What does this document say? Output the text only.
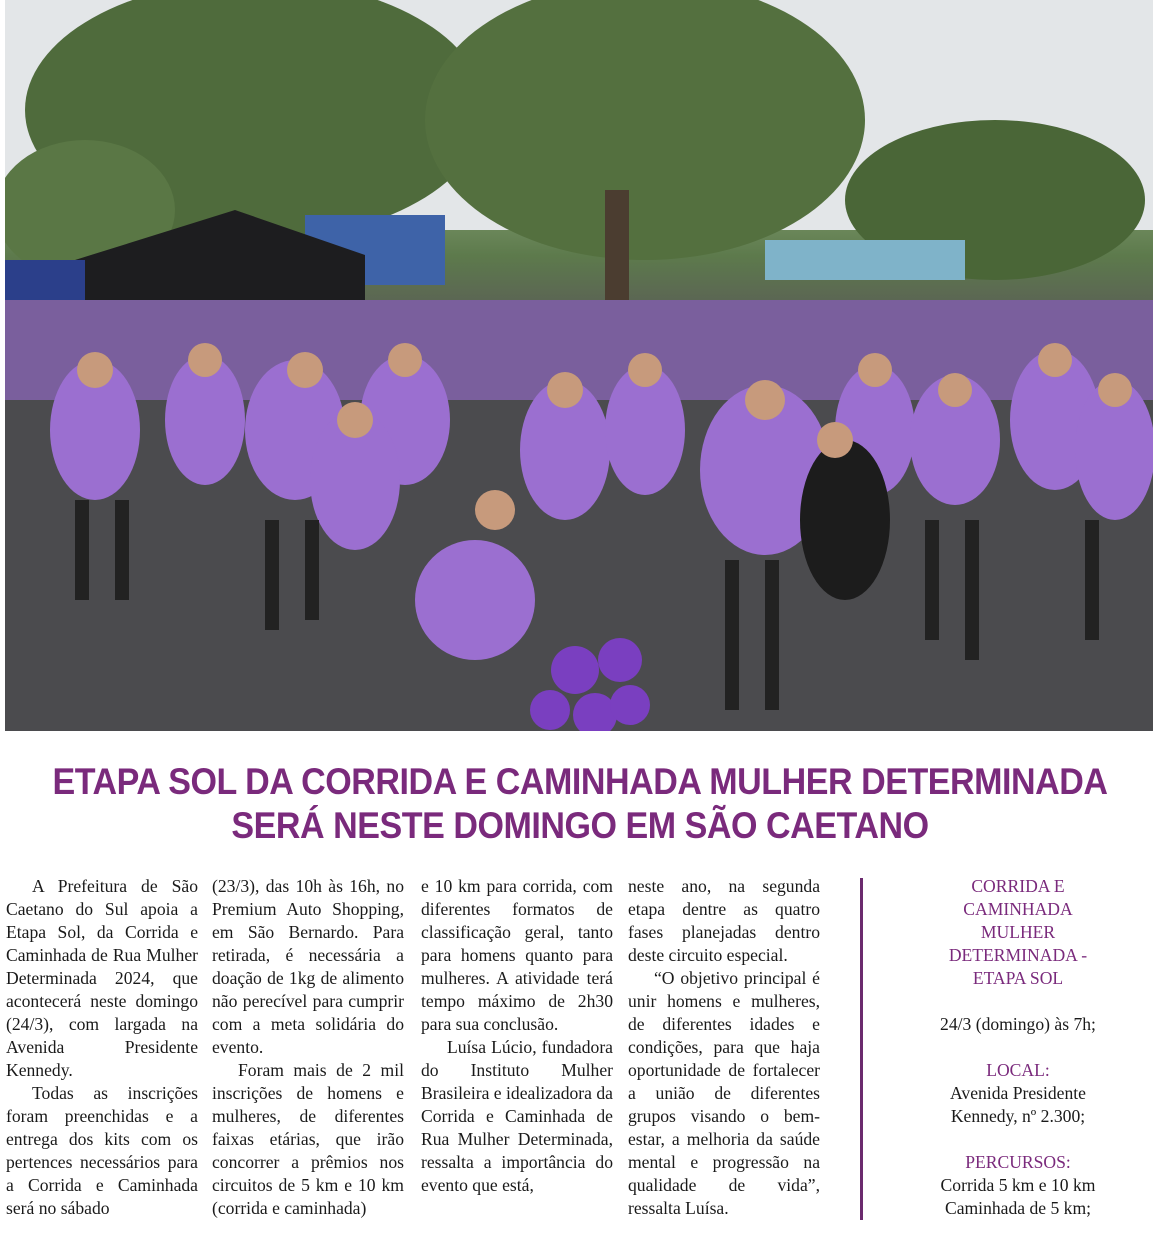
ETAPA SOL DA CORRIDA E CAMINHADA MULHER DETERMINADA
SERÁ NESTE DOMINGO EM SÃO CAETANO

A Prefeitura de São Caetano do Sul apoia a Etapa Sol, da Corrida e Caminhada de Rua Mulher Determinada 2024, que acontecerá neste domingo (24/3), com largada na Avenida Presidente Kennedy.

Todas as inscrições foram preenchidas e a entrega dos kits com os pertences necessários para a Corrida e Caminhada será no sábado

(23/3), das 10h às 16h, no Premium Auto Shopping, em São Bernardo. Para retirada, é necessária a doação de 1kg de alimento não perecível para cumprir com a meta solidária do evento.

Foram mais de 2 mil inscrições de homens e mulheres, de diferentes faixas etárias, que irão concorrer a prêmios nos circuitos de 5 km e 10 km (corrida e caminhada)

e 10 km para corrida, com diferentes formatos de classificação geral, tanto para homens quanto para mulheres. A atividade terá tempo máximo de 2h30 para sua conclusão.

Luísa Lúcio, fundadora do Instituto Mulher Brasileira e idealizadora da Corrida e Caminhada de Rua Mulher Determinada, ressalta a importância do evento que está,

neste ano, na segunda etapa dentre as quatro fases planejadas dentro deste circuito especial.

“O objetivo principal é unir homens e mulheres, de diferentes idades e condições, para que haja oportunidade de fortalecer a união de diferentes grupos visando o bem-estar, a melhoria da saúde mental e progressão na qualidade de vida”, ressalta Luísa.

CORRIDA E CAMINHADA MULHER DETERMINADA - ETAPA SOL
24/3 (domingo) às 7h;
LOCAL:
Avenida Presidente Kennedy, nº 2.300;
PERCURSOS:
Corrida 5 km e 10 km
Caminhada de 5 km;
